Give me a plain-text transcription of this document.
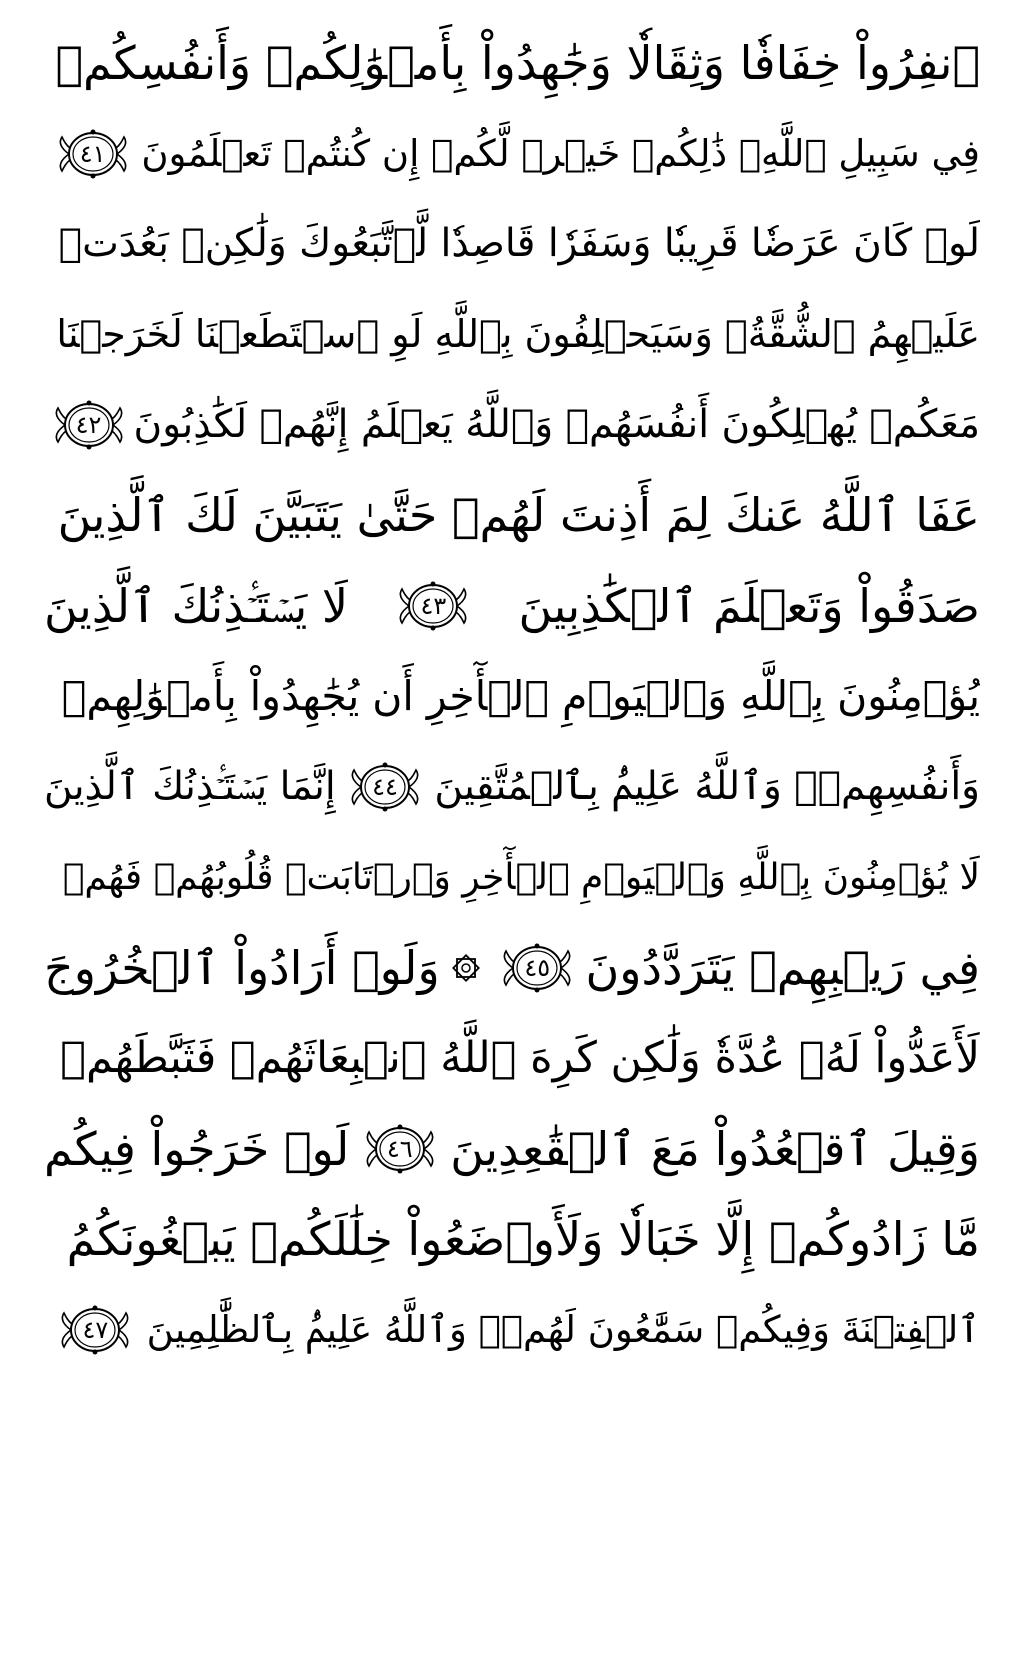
ٱنفِرُواْ خِفَافٗا وَثِقَالٗا وَجَٰهِدُواْ بِأَمۡوَٰلِكُمۡ وَأَنفُسِكُمۡ
فِي سَبِيلِ ٱللَّهِۚ ذَٰلِكُمۡ خَيۡرٞ لَّكُمۡ إِن كُنتُمۡ تَعۡلَمُونَ
٤١
لَوۡ كَانَ عَرَضٗا قَرِيبٗا وَسَفَرٗا قَاصِدٗا لَّٱتَّبَعُوكَ وَلَٰكِنۢ بَعُدَتۡ
عَلَيۡهِمُ ٱلشُّقَّةُۚ وَسَيَحۡلِفُونَ بِٱللَّهِ لَوِ ٱسۡتَطَعۡنَا لَخَرَجۡنَا
مَعَكُمۡ يُهۡلِكُونَ أَنفُسَهُمۡ وَٱللَّهُ يَعۡلَمُ إِنَّهُمۡ لَكَٰذِبُونَ
٤٢
عَفَا ٱللَّهُ عَنكَ لِمَ أَذِنتَ لَهُمۡ حَتَّىٰ يَتَبَيَّنَ لَكَ ٱلَّذِينَ
صَدَقُواْ وَتَعۡلَمَ ٱلۡكَٰذِبِينَ
٤٣
لَا يَسۡتَـٔۡذِنُكَ ٱلَّذِينَ
يُؤۡمِنُونَ بِٱللَّهِ وَٱلۡيَوۡمِ ٱلۡأٓخِرِ أَن يُجَٰهِدُواْ بِأَمۡوَٰلِهِمۡ
وَأَنفُسِهِمۡۗ وَٱللَّهُ عَلِيمُۢ بِٱلۡمُتَّقِينَ
٤٤
إِنَّمَا يَسۡتَـٔۡذِنُكَ ٱلَّذِينَ
لَا يُؤۡمِنُونَ بِٱللَّهِ وَٱلۡيَوۡمِ ٱلۡأٓخِرِ وَٱرۡتَابَتۡ قُلُوبُهُمۡ فَهُمۡ
فِي رَيۡبِهِمۡ يَتَرَدَّدُونَ
٤٥
وَلَوۡ أَرَادُواْ ٱلۡخُرُوجَ
لَأَعَدُّواْ لَهُۥ عُدَّةٗ وَلَٰكِن كَرِهَ ٱللَّهُ ٱنۢبِعَاثَهُمۡ فَثَبَّطَهُمۡ
وَقِيلَ ٱقۡعُدُواْ مَعَ ٱلۡقَٰعِدِينَ
٤٦
لَوۡ خَرَجُواْ فِيكُم
مَّا زَادُوكُمۡ إِلَّا خَبَالٗا وَلَأَوۡضَعُواْ خِلَٰلَكُمۡ يَبۡغُونَكُمُ
ٱلۡفِتۡنَةَ وَفِيكُمۡ سَمَّٰعُونَ لَهُمۡۗ وَٱللَّهُ عَلِيمُۢ بِٱلظَّٰلِمِينَ
٤٧
